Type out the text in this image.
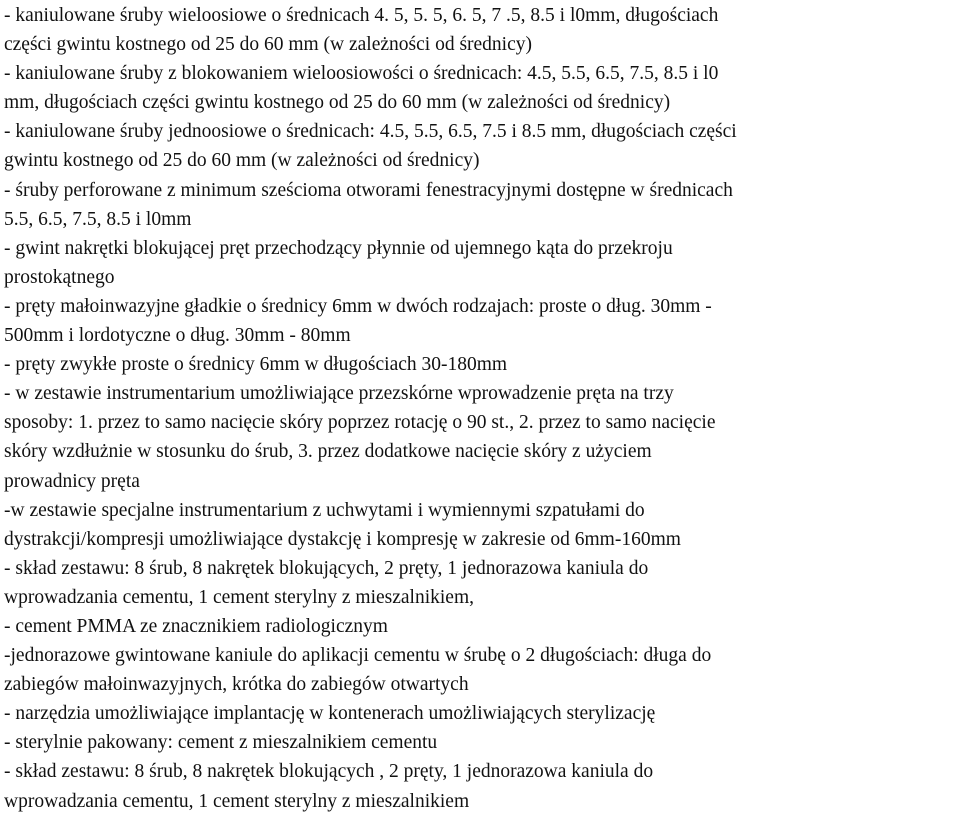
- kaniulowane śruby wieloosiowe o średnicach 4. 5, 5. 5, 6. 5, 7 .5, 8.5 i l0mm, długościach
części gwintu kostnego od 25 do 60 mm (w zależności od średnicy)
- kaniulowane śruby z blokowaniem wieloosiowości o średnicach: 4.5, 5.5, 6.5, 7.5, 8.5 i l0
mm, długościach części gwintu kostnego od 25 do 60 mm (w zależności od średnicy)
- kaniulowane śruby jednoosiowe o średnicach: 4.5, 5.5, 6.5, 7.5 i 8.5 mm, długościach części
gwintu kostnego od 25 do 60 mm (w zależności od średnicy)
- śruby perforowane z minimum sześcioma otworami fenestracyjnymi dostępne w średnicach
5.5, 6.5, 7.5, 8.5 i l0mm
- gwint nakrętki blokującej pręt przechodzący płynnie od ujemnego kąta do przekroju
prostokątnego
- pręty małoinwazyjne gładkie o średnicy 6mm w dwóch rodzajach: proste o dług. 30mm -
500mm i lordotyczne o dług. 30mm - 80mm
- pręty zwykłe proste o średnicy 6mm w długościach 30-180mm
- w zestawie instrumentarium umożliwiające przezskórne wprowadzenie pręta na trzy
sposoby: 1. przez to samo nacięcie skóry poprzez rotację o 90 st., 2. przez to samo nacięcie
skóry wzdłużnie w stosunku do śrub, 3. przez dodatkowe nacięcie skóry z użyciem
prowadnicy pręta
-w zestawie specjalne instrumentarium z uchwytami i wymiennymi szpatułami do
dystrakcji/kompresji umożliwiające dystakcję i kompresję w zakresie od 6mm-160mm
- skład zestawu: 8 śrub, 8 nakrętek blokujących, 2 pręty, 1 jednorazowa kaniula do
wprowadzania cementu, 1 cement sterylny z mieszalnikiem,
- cement PMMA ze znacznikiem radiologicznym
-jednorazowe gwintowane kaniule do aplikacji cementu w śrubę o 2 długościach: długa do
zabiegów małoinwazyjnych, krótka do zabiegów otwartych
- narzędzia umożliwiające implantację w kontenerach umożliwiających sterylizację
- sterylnie pakowany: cement z mieszalnikiem cementu
- skład zestawu: 8 śrub, 8 nakrętek blokujących , 2 pręty, 1 jednorazowa kaniula do
wprowadzania cementu, 1 cement sterylny z mieszalnikiem
